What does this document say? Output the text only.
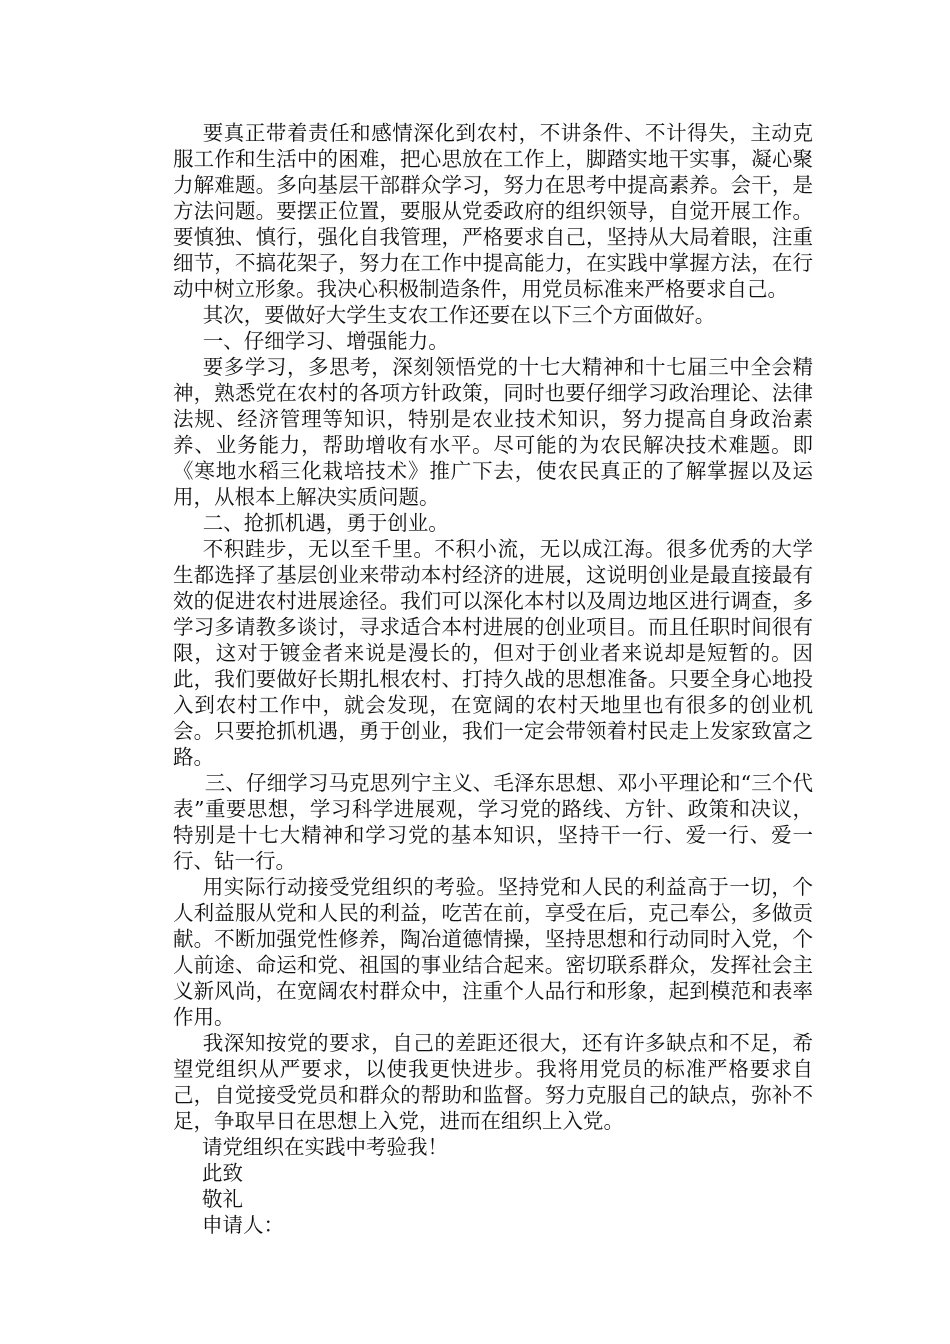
要真正带着责任和感情深化到农村，不讲条件、不计得失，主动克服工作和生活中的困难，把心思放在工作上，脚踏实地干实事，凝心聚力解难题。多向基层干部群众学习，努力在思考中提高素养。会干，是方法问题。要摆正位置，要服从党委政府的组织领导，自觉开展工作。要慎独、慎行，强化自我管理，严格要求自己，坚持从大局着眼，注重细节，不搞花架子，努力在工作中提高能力，在实践中掌握方法，在行动中树立形象。我决心积极制造条件，用党员标准来严格要求自己。

其次，要做好大学生支农工作还要在以下三个方面做好。

一、仔细学习、增强能力。

要多学习，多思考，深刻领悟党的十七大精神和十七届三中全会精神，熟悉党在农村的各项方针政策，同时也要仔细学习政治理论、法律法规、经济管理等知识，特别是农业技术知识，努力提高自身政治素养、业务能力，帮助增收有水平。尽可能的为农民解决技术难题。即《寒地水稻三化栽培技术》推广下去，使农民真正的了解掌握以及运用，从根本上解决实质问题。

二、抢抓机遇，勇于创业。

不积跬步，无以至千里。不积小流，无以成江海。很多优秀的大学生都选择了基层创业来带动本村经济的进展，这说明创业是最直接最有效的促进农村进展途径。我们可以深化本村以及周边地区进行调查，多学习多请教多谈讨，寻求适合本村进展的创业项目。而且任职时间很有限，这对于镀金者来说是漫长的，但对于创业者来说却是短暂的。因此，我们要做好长期扎根农村、打持久战的思想准备。只要全身心地投入到农村工作中，就会发现，在宽阔的农村天地里也有很多的创业机会。只要抢抓机遇，勇于创业，我们一定会带领着村民走上发家致富之路。

三、仔细学习马克思列宁主义、毛泽东思想、邓小平理论和“三个代表”重要思想，学习科学进展观，学习党的路线、方针、政策和决议，特别是十七大精神和学习党的基本知识，坚持干一行、爱一行、爱一行、钻一行。

用实际行动接受党组织的考验。坚持党和人民的利益高于一切，个人利益服从党和人民的利益，吃苦在前，享受在后，克己奉公，多做贡献。不断加强党性修养，陶冶道德情操，坚持思想和行动同时入党，个人前途、命运和党、祖国的事业结合起来。密切联系群众，发挥社会主义新风尚，在宽阔农村群众中，注重个人品行和形象，起到模范和表率作用。

我深知按党的要求，自己的差距还很大，还有许多缺点和不足，希望党组织从严要求，以使我更快进步。我将用党员的标准严格要求自己，自觉接受党员和群众的帮助和监督。努力克服自己的缺点，弥补不足，争取早日在思想上入党，进而在组织上入党。

请党组织在实践中考验我！

此致

敬礼

申请人：
